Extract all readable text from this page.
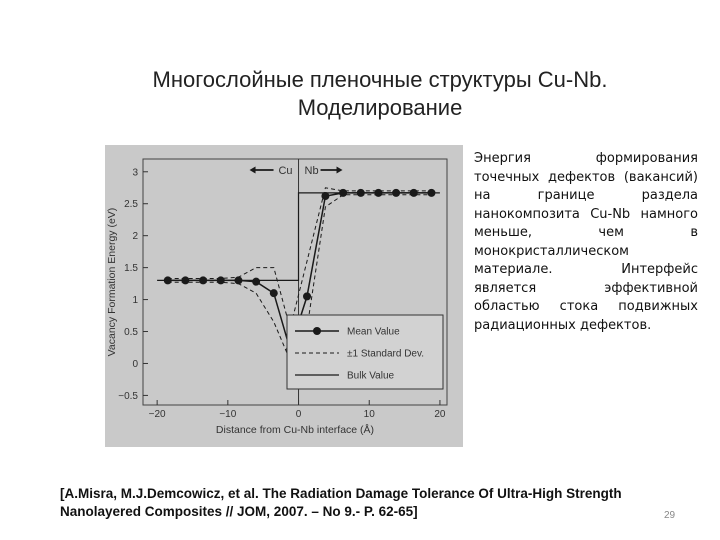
Многослойные пленочные структуры Cu-Nb.
Моделирование
−0.5
0
0.5
1
1.5
2
2.5
3
−20	−10	0	10	20
Distance from Cu-Nb interface (Å)
Vacancy Formation Energy (eV)
Cu Nb
Mean Value
±1 Standard Dev.
Bulk Value
Энергия формирования точечных дефектов (вакансий) на границе раздела нанокомпозита Cu-Nb намного меньше, чем в монокристаллическом материале. Интерфейс является эффективной областью стока подвижных радиационных дефектов.
[A.Misra, M.J.Demcowicz, et al. The Radiation Damage Tolerance Of Ultra-High Strength Nanolayered Composites // JOM, 2007. – No 9.- P. 62-65]	29
